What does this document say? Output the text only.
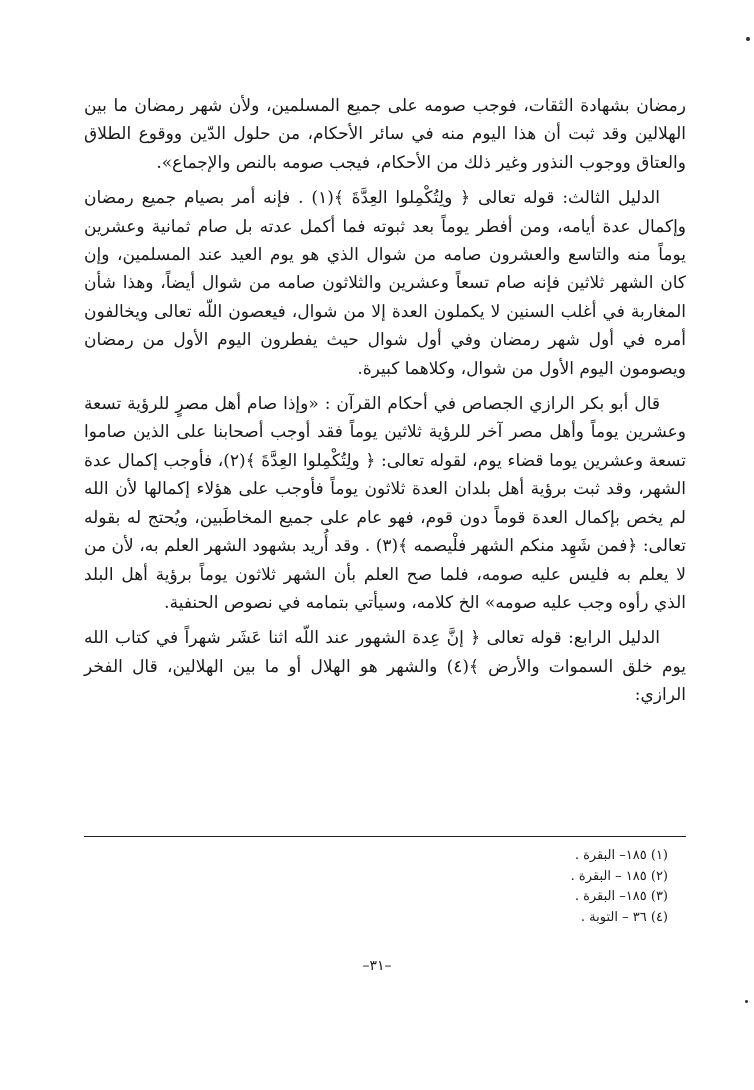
رمضان بشهادة الثقات، فوجب صومه على جميع المسلمين، ولأن شهر رمضان ما بين الهلالين وقد ثبت أن هذا اليوم منه في سائر الأحكام، من حلول الدّين ووقوع الطلاق والعتاق ووجوب النذور وغير ذلك من الأحكام، فيجب صومه بالنص والإجماع».

الدليل الثالث: قوله تعالى ﴿ ولِتُكْمِلوا العِدَّةَ ﴾(١) . فإنه أمر بصيام جميع رمضان وإكمال عدة أيامه، ومن أفطر يوماً بعد ثبوته فما أكمل عدته بل صام ثمانية وعشرين يوماً منه والتاسع والعشرون صامه من شوال الذي هو يوم العيد عند المسلمين، وإن كان الشهر ثلاثين فإنه صام تسعاً وعشرين والثلاثون صامه من شوال أيضاً، وهذا شأن المغاربة في أغلب السنين لا يكملون العدة إلا من شوال، فيعصون اللّه تعالى ويخالفون أمره في أول شهر رمضان وفي أول شوال حيث يفطرون اليوم الأول من رمضان ويصومون اليوم الأول من شوال، وكلاهما كبيرة.

قال أبو بكر الرازي الجصاص في أحكام القرآن : «وإذا صام أهل مصرٍ للرؤية تسعة وعشرين يوماً وأهل مصر آخر للرؤية ثلاثين يوماً فقد أوجب أصحابنا على الذين صاموا تسعة وعشرين يوما قضاء يوم، لقوله تعالى: ﴿ ولِتُكْمِلوا العِدَّةَ ﴾(٢)، فأوجب إكمال عدة الشهر، وقد ثبت برؤية أهل بلدان العدة ثلاثون يوماً فأوجب على هؤلاء إكمالها لأن الله لم يخص بإكمال العدة قوماً دون قوم، فهو عام على جميع المخاطَبين، ويُحتج له بقوله تعالى: ﴿فمن شَهِد منكم الشهر فلْيصمه ﴾(٣) . وقد أُريد بشهود الشهر العلم به، لأن من لا يعلم به فليس عليه صومه، فلما صح العلم بأن الشهر ثلاثون يوماً برؤية أهل البلد الذي رأوه وجب عليه صومه» الخ كلامه، وسيأتي بتمامه في نصوص الحنفية.

الدليل الرابع: قوله تعالى ﴿ إنَّ عِدة الشهور عند اللّه اثنا عَشَر شهراً في كتاب الله يوم خلق السموات والأرض ﴾(٤) والشهر هو الهلال أو ما بين الهلالين، قال الفخر الرازي:

(١) ١٨٥– البقرة .
(٢) ١٨٥ – البقرة .
(٣) ١٨٥– البقرة .
(٤) ٣٦ – التوبة .
–٣١–
